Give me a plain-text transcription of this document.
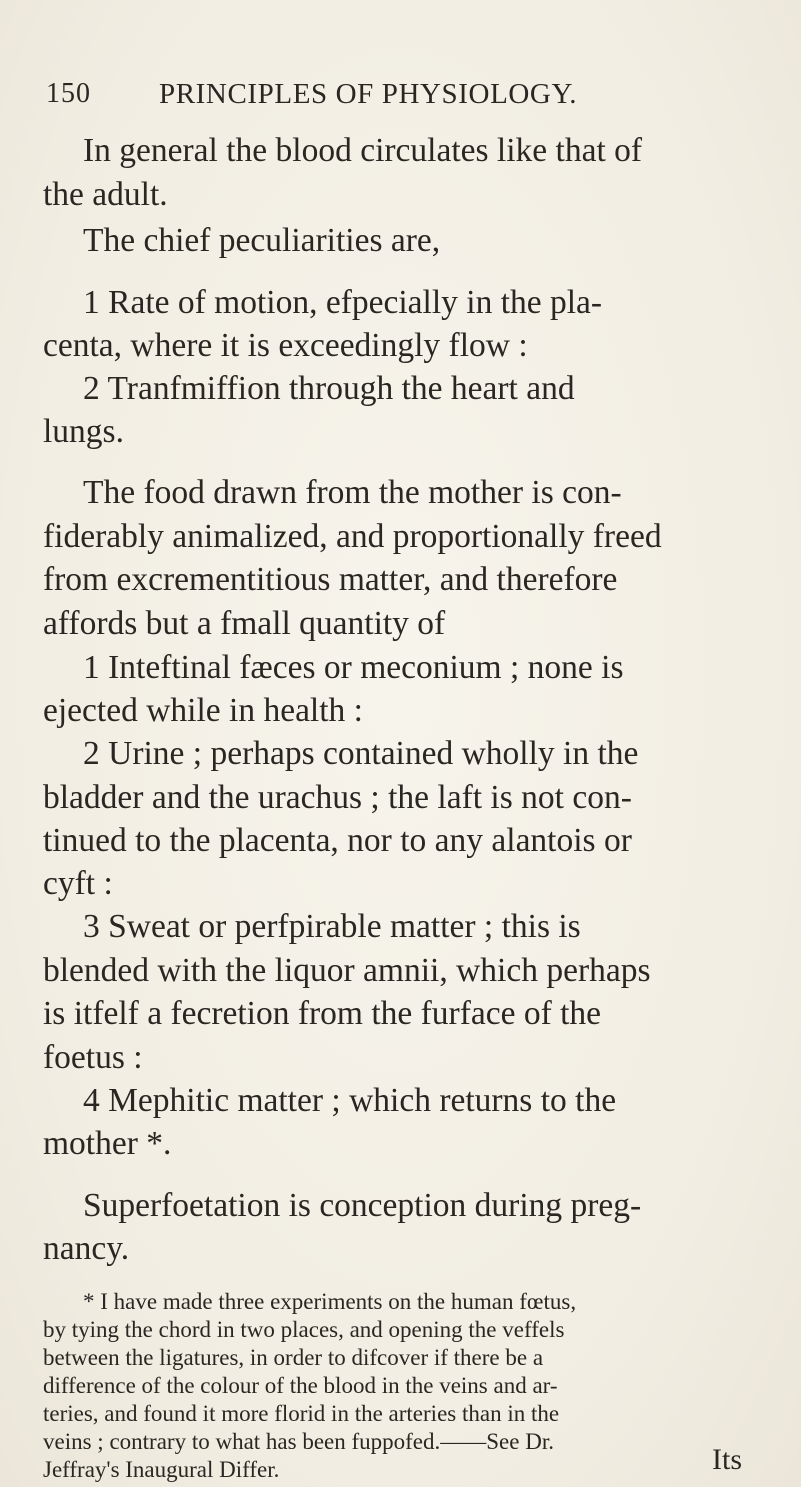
150 PRINCIPLES OF PHYSIOLOGY.
In general the blood circulates like that of
the adult.
The chief peculiarities are,
1 Rate of motion, efpecially in the pla-
centa, where it is exceedingly flow :
2 Tranfmiffion through the heart and
lungs.
The food drawn from the mother is con-
fiderably animalized, and proportionally freed
from excrementitious matter, and therefore
affords but a fmall quantity of
1 Inteftinal fæces or meconium ; none is
ejected while in health :
2 Urine ; perhaps contained wholly in the
bladder and the urachus ; the laft is not con-
tinued to the placenta, nor to any alantois or
cyft :
3 Sweat or perfpirable matter ; this is
blended with the liquor amnii, which perhaps
is itfelf a fecretion from the furface of the
foetus :
4 Mephitic matter ; which returns to the
mother *.
Superfoetation is conception during preg-
nancy.
* I have made three experiments on the human fœtus,
by tying the chord in two places, and opening the veffels
between the ligatures, in order to difcover if there be a
difference of the colour of the blood in the veins and ar-
teries, and found it more florid in the arteries than in the
veins ; contrary to what has been fuppofed.——See Dr.
Jeffray's Inaugural Differ.	Its
